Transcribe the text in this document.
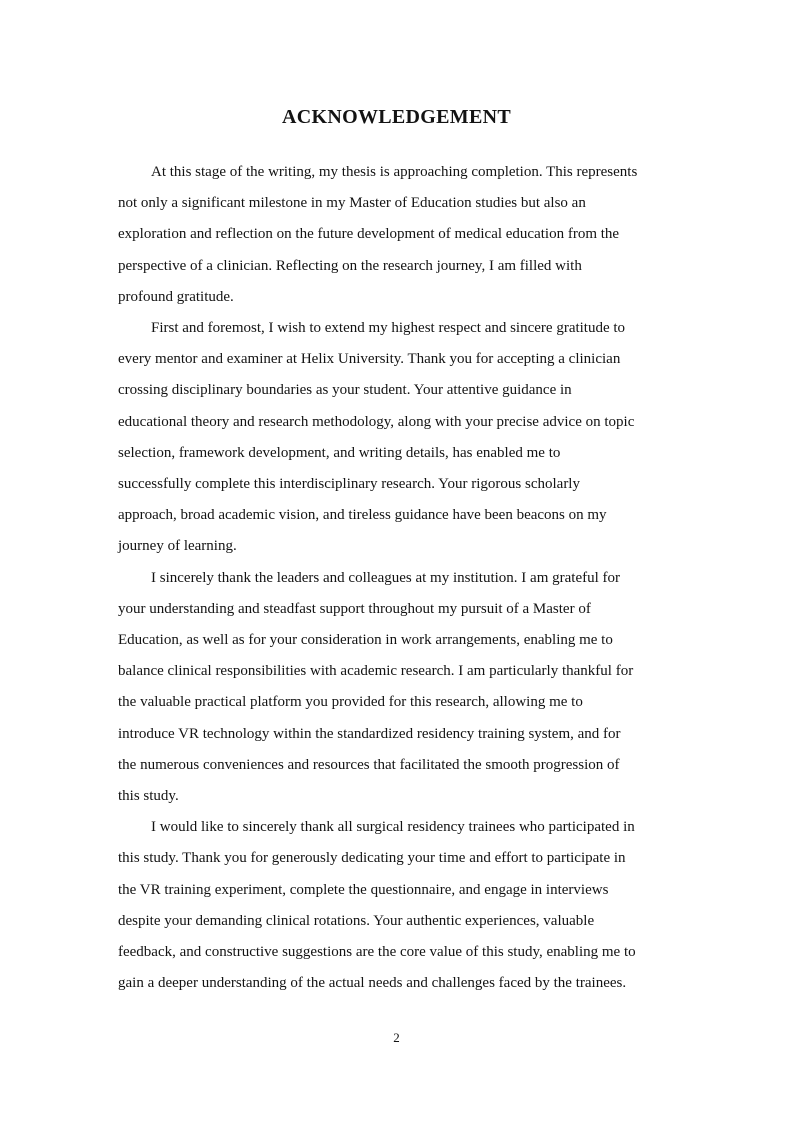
ACKNOWLEDGEMENT
At this stage of the writing, my thesis is approaching completion. This represents
not only a significant milestone in my Master of Education studies but also an
exploration and reflection on the future development of medical education from the
perspective of a clinician. Reflecting on the research journey, I am filled with
profound gratitude.
First and foremost, I wish to extend my highest respect and sincere gratitude to
every mentor and examiner at Helix University. Thank you for accepting a clinician
crossing disciplinary boundaries as your student. Your attentive guidance in
educational theory and research methodology, along with your precise advice on topic
selection, framework development, and writing details, has enabled me to
successfully complete this interdisciplinary research. Your rigorous scholarly
approach, broad academic vision, and tireless guidance have been beacons on my
journey of learning.
I sincerely thank the leaders and colleagues at my institution. I am grateful for
your understanding and steadfast support throughout my pursuit of a Master of
Education, as well as for your consideration in work arrangements, enabling me to
balance clinical responsibilities with academic research. I am particularly thankful for
the valuable practical platform you provided for this research, allowing me to
introduce VR technology within the standardized residency training system, and for
the numerous conveniences and resources that facilitated the smooth progression of
this study.
I would like to sincerely thank all surgical residency trainees who participated in
this study. Thank you for generously dedicating your time and effort to participate in
the VR training experiment, complete the questionnaire, and engage in interviews
despite your demanding clinical rotations. Your authentic experiences, valuable
feedback, and constructive suggestions are the core value of this study, enabling me to
gain a deeper understanding of the actual needs and challenges faced by the trainees.
2
